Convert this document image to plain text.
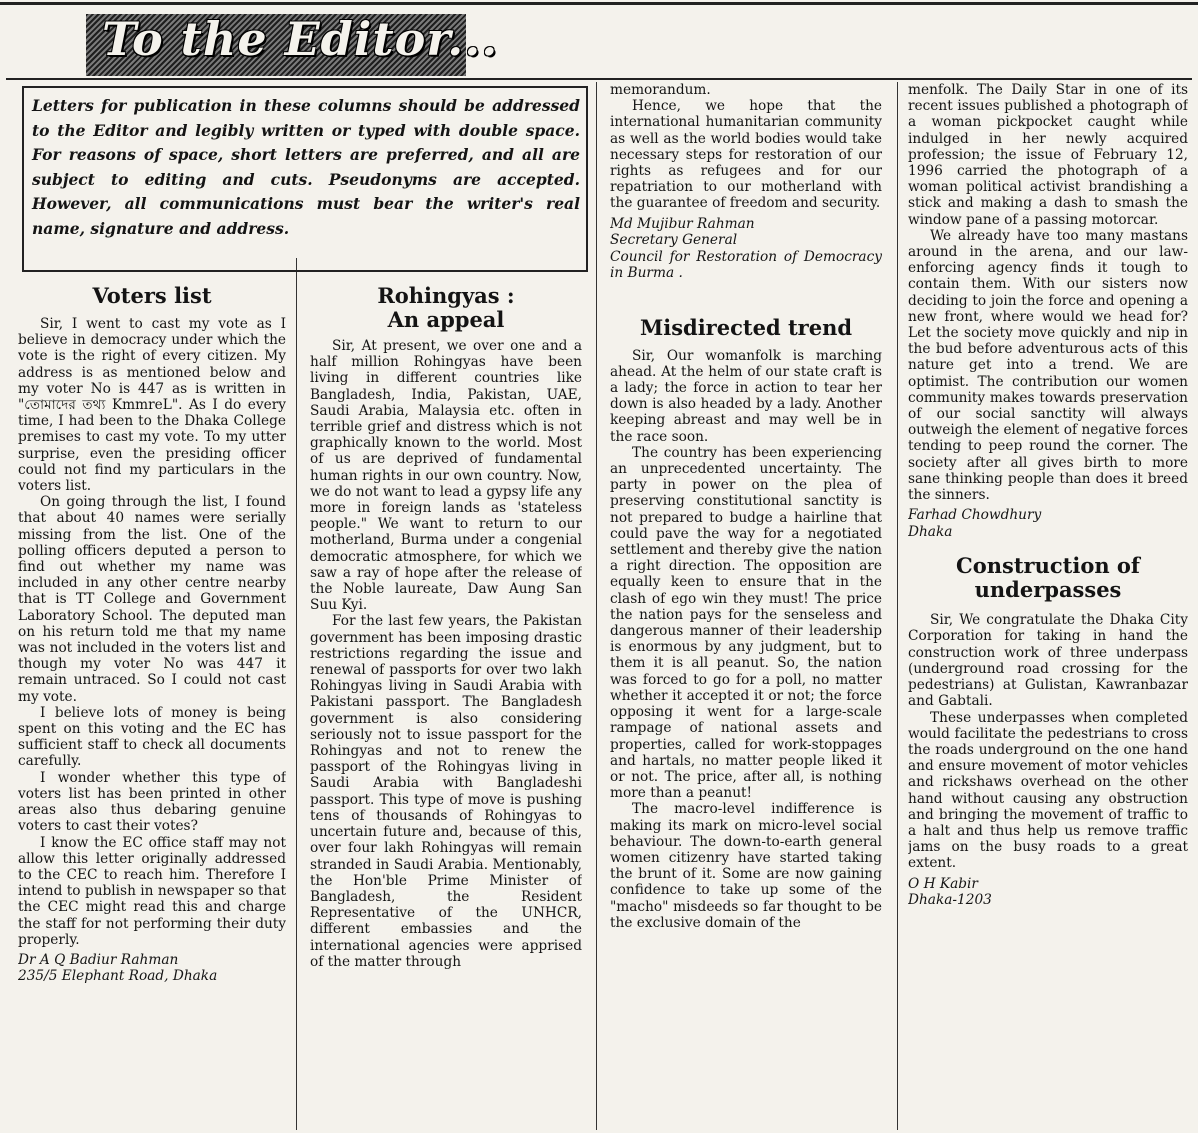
To the Editor...
Letters for publication in these columns should be addressed to the Editor and legibly written or typed with double space. For reasons of space, short letters are preferred, and all are subject to editing and cuts. Pseudonyms are accepted. However, all communications must bear the writer's real name, signature and address.
Voters list

Sir, I went to cast my vote as I believe in democracy under which the vote is the right of every citizen. My address is as mentioned below and my voter No is 447 as is written in "তোমাদের তথ্য KmmreL". As I do every time, I had been to the Dhaka College premises to cast my vote. To my utter surprise, even the presiding officer could not find my particulars in the voters list.

On going through the list, I found that about 40 names were serially missing from the list. One of the polling officers deputed a person to find out whether my name was included in any other centre nearby that is TT College and Government Laboratory School. The deputed man on his return told me that my name was not included in the voters list and though my voter No was 447 it remain untraced. So I could not cast my vote.

I believe lots of money is being spent on this voting and the EC has sufficient staff to check all documents carefully.

I wonder whether this type of voters list has been printed in other areas also thus debaring genuine voters to cast their votes?

I know the EC office staff may not allow this letter originally addressed to the CEC to reach him. Therefore I intend to publish in newspaper so that the CEC might read this and charge the staff for not performing their duty properly.

Dr A Q Badiur Rahman
235/5 Elephant Road, Dhaka
Rohingyas :
An appeal

Sir, At present, we over one and a half million Rohingyas have been living in different countries like Bangladesh, India, Pakistan, UAE, Saudi Arabia, Malaysia etc. often in terrible grief and distress which is not graphically known to the world. Most of us are deprived of fundamental human rights in our own country. Now, we do not want to lead a gypsy life any more in foreign lands as 'stateless people." We want to return to our motherland, Burma under a congenial democratic atmosphere, for which we saw a ray of hope after the release of the Noble laureate, Daw Aung San Suu Kyi.

For the last few years, the Pakistan government has been imposing drastic restrictions regarding the issue and renewal of passports for over two lakh Rohingyas living in Saudi Arabia with Pakistani passport. The Bangladesh government is also considering seriously not to issue passport for the Rohingyas and not to renew the passport of the Rohingyas living in Saudi Arabia with Bangladeshi passport. This type of move is pushing tens of thousands of Rohingyas to uncertain future and, because of this, over four lakh Rohingyas will remain stranded in Saudi Arabia. Mentionably, the Hon'ble Prime Minister of Bangladesh, the Resident Representative of the UNHCR, different embassies and the international agencies were apprised of the matter through

memorandum.

Hence, we hope that the international humanitarian community as well as the world bodies would take necessary steps for restoration of our rights as refugees and for our repatriation to our motherland with the guarantee of freedom and security.

Md Mujibur Rahman
Secretary General
Council for Restoration of Democracy in Burma .
Misdirected trend

Sir, Our womanfolk is marching ahead. At the helm of our state craft is a lady; the force in action to tear her down is also headed by a lady. Another keeping abreast and may well be in the race soon.

The country has been experiencing an unprecedented uncertainty. The party in power on the plea of preserving constitutional sanctity is not prepared to budge a hairline that could pave the way for a negotiated settlement and thereby give the nation a right direction. The opposition are equally keen to ensure that in the clash of ego win they must! The price the nation pays for the senseless and dangerous manner of their leadership is enormous by any judgment, but to them it is all peanut. So, the nation was forced to go for a poll, no matter whether it accepted it or not; the force opposing it went for a large-scale rampage of national assets and properties, called for work-stoppages and hartals, no matter people liked it or not. The price, after all, is nothing more than a peanut!

The macro-level indifference is making its mark on micro-level social behaviour. The down-to-earth general women citizenry have started taking the brunt of it. Some are now gaining confidence to take up some of the "macho" misdeeds so far thought to be the exclusive domain of the

menfolk. The Daily Star in one of its recent issues published a photograph of a woman pickpocket caught while indulged in her newly acquired profession; the issue of February 12, 1996 carried the photograph of a woman political activist brandishing a stick and making a dash to smash the window pane of a passing motorcar.

We already have too many mastans around in the arena, and our law-enforcing agency finds it tough to contain them. With our sisters now deciding to join the force and opening a new front, where would we head for? Let the society move quickly and nip in the bud before adventurous acts of this nature get into a trend. We are optimist. The contribution our women community makes towards preservation of our social sanctity will always outweigh the element of negative forces tending to peep round the corner. The society after all gives birth to more sane thinking people than does it breed the sinners.

Farhad Chowdhury
Dhaka
Construction of
underpasses

Sir, We congratulate the Dhaka City Corporation for taking in hand the construction work of three underpass (underground road crossing for the pedestrians) at Gulistan, Kawranbazar and Gabtali.

These underpasses when completed would facilitate the pedestrians to cross the roads underground on the one hand and ensure movement of motor vehicles and rickshaws overhead on the other hand without causing any obstruction and bringing the movement of traffic to a halt and thus help us remove traffic jams on the busy roads to a great extent.

O H Kabir
Dhaka-1203
